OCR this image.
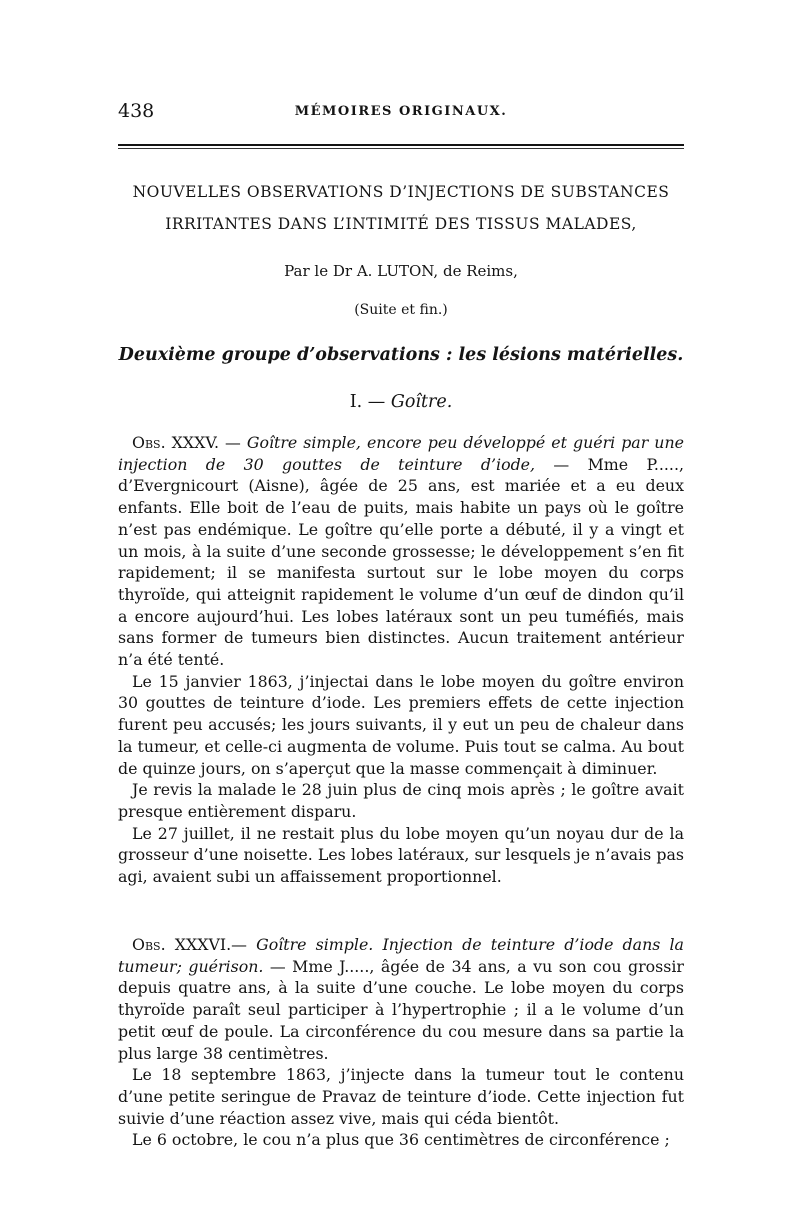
438	MÉMOIRES ORIGINAUX.
NOUVELLES OBSERVATIONS D’INJECTIONS DE SUBSTANCES
IRRITANTES DANS L’INTIMITÉ DES TISSUS MALADES,
Par le Dr A. LUTON, de Reims,
(Suite et fin.)
Deuxième groupe d’observations : les lésions matérielles.
I. — Goître.

Obs. XXXV. — Goître simple, encore peu développé et guéri par une injection de 30 gouttes de teinture d’iode, — Mme P....., d’Evergnicourt (Aisne), âgée de 25 ans, est mariée et a eu deux enfants. Elle boit de l’eau de puits, mais habite un pays où le goître n’est pas endémique. Le goître qu’elle porte a débuté, il y a vingt et un mois, à la suite d’une seconde grossesse; le développement s’en fit rapidement; il se manifesta surtout sur le lobe moyen du corps thyroïde, qui atteignit rapidement le volume d’un œuf de dindon qu’il a encore aujourd’hui. Les lobes latéraux sont un peu tuméfiés, mais sans former de tumeurs bien distinctes. Aucun traitement antérieur n’a été tenté.

Le 15 janvier 1863, j’injectai dans le lobe moyen du goître environ 30 gouttes de teinture d’iode. Les premiers effets de cette injection furent peu accusés; les jours suivants, il y eut un peu de chaleur dans la tumeur, et celle-ci augmenta de volume. Puis tout se calma. Au bout de quinze jours, on s’aperçut que la masse commençait à diminuer.

Je revis la malade le 28 juin plus de cinq mois après ; le goître avait presque entièrement disparu.

Le 27 juillet, il ne restait plus du lobe moyen qu’un noyau dur de la grosseur d’une noisette. Les lobes latéraux, sur lesquels je n’avais pas agi, avaient subi un affaissement proportionnel.

Obs. XXXVI.— Goître simple. Injection de teinture d’iode dans la tumeur; guérison. — Mme J....., âgée de 34 ans, a vu son cou grossir depuis quatre ans, à la suite d’une couche. Le lobe moyen du corps thyroïde paraît seul participer à l’hypertrophie ; il a le volume d’un petit œuf de poule. La circonférence du cou mesure dans sa partie la plus large 38 centimètres.

Le 18 septembre 1863, j’injecte dans la tumeur tout le contenu d’une petite seringue de Pravaz de teinture d’iode. Cette injection fut suivie d’une réaction assez vive, mais qui céda bientôt.

Le 6 octobre, le cou n’a plus que 36 centimètres de circonférence ;
